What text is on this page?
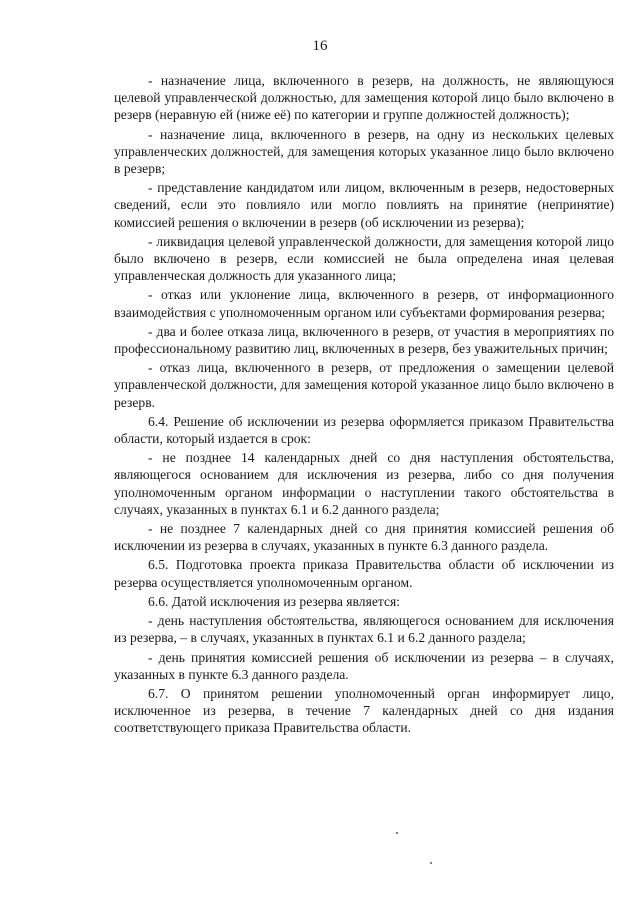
16

- назначение лица, включенного в резерв, на должность, не являющуюся целевой управленческой должностью, для замещения которой лицо было включено в резерв (неравную ей (ниже её) по категории и группе должностей должность);

- назначение лица, включенного в резерв, на одну из нескольких целевых управленческих должностей, для замещения которых указанное лицо было включено в резерв;

- представление кандидатом или лицом, включенным в резерв, недостоверных сведений, если это повлияло или могло повлиять на принятие (непринятие) комиссией решения о включении в резерв (об исключении из резерва);

- ликвидация целевой управленческой должности, для замещения которой лицо было включено в резерв, если комиссией не была определена иная целевая управленческая должность для указанного лица;

- отказ или уклонение лица, включенного в резерв, от информационного взаимодействия с уполномоченным органом или субъектами формирования резерва;

- два и более отказа лица, включенного в резерв, от участия в мероприятиях по профессиональному развитию лиц, включенных в резерв, без уважительных причин;

- отказ лица, включенного в резерв, от предложения о замещении целевой управленческой должности, для замещения которой указанное лицо было включено в резерв.

6.4. Решение об исключении из резерва оформляется приказом Правительства области, который издается в срок:

- не позднее 14 календарных дней со дня наступления обстоятельства, являющегося основанием для исключения из резерва, либо со дня получения уполномоченным органом информации о наступлении такого обстоятельства в случаях, указанных в пунктах 6.1 и 6.2 данного раздела;

- не позднее 7 календарных дней со дня принятия комиссией решения об исключении из резерва в случаях, указанных в пункте 6.3 данного раздела.

6.5. Подготовка проекта приказа Правительства области об исключении из резерва осуществляется уполномоченным органом.

6.6. Датой исключения из резерва является:

- день наступления обстоятельства, являющегося основанием для исключения из резерва, – в случаях, указанных в пунктах 6.1 и 6.2 данного раздела;

- день принятия комиссией решения об исключении из резерва – в случаях, указанных в пункте 6.3 данного раздела.

6.7. О принятом решении уполномоченный орган информирует лицо, исключенное из резерва, в течение 7 календарных дней со дня издания соответствующего приказа Правительства области.
